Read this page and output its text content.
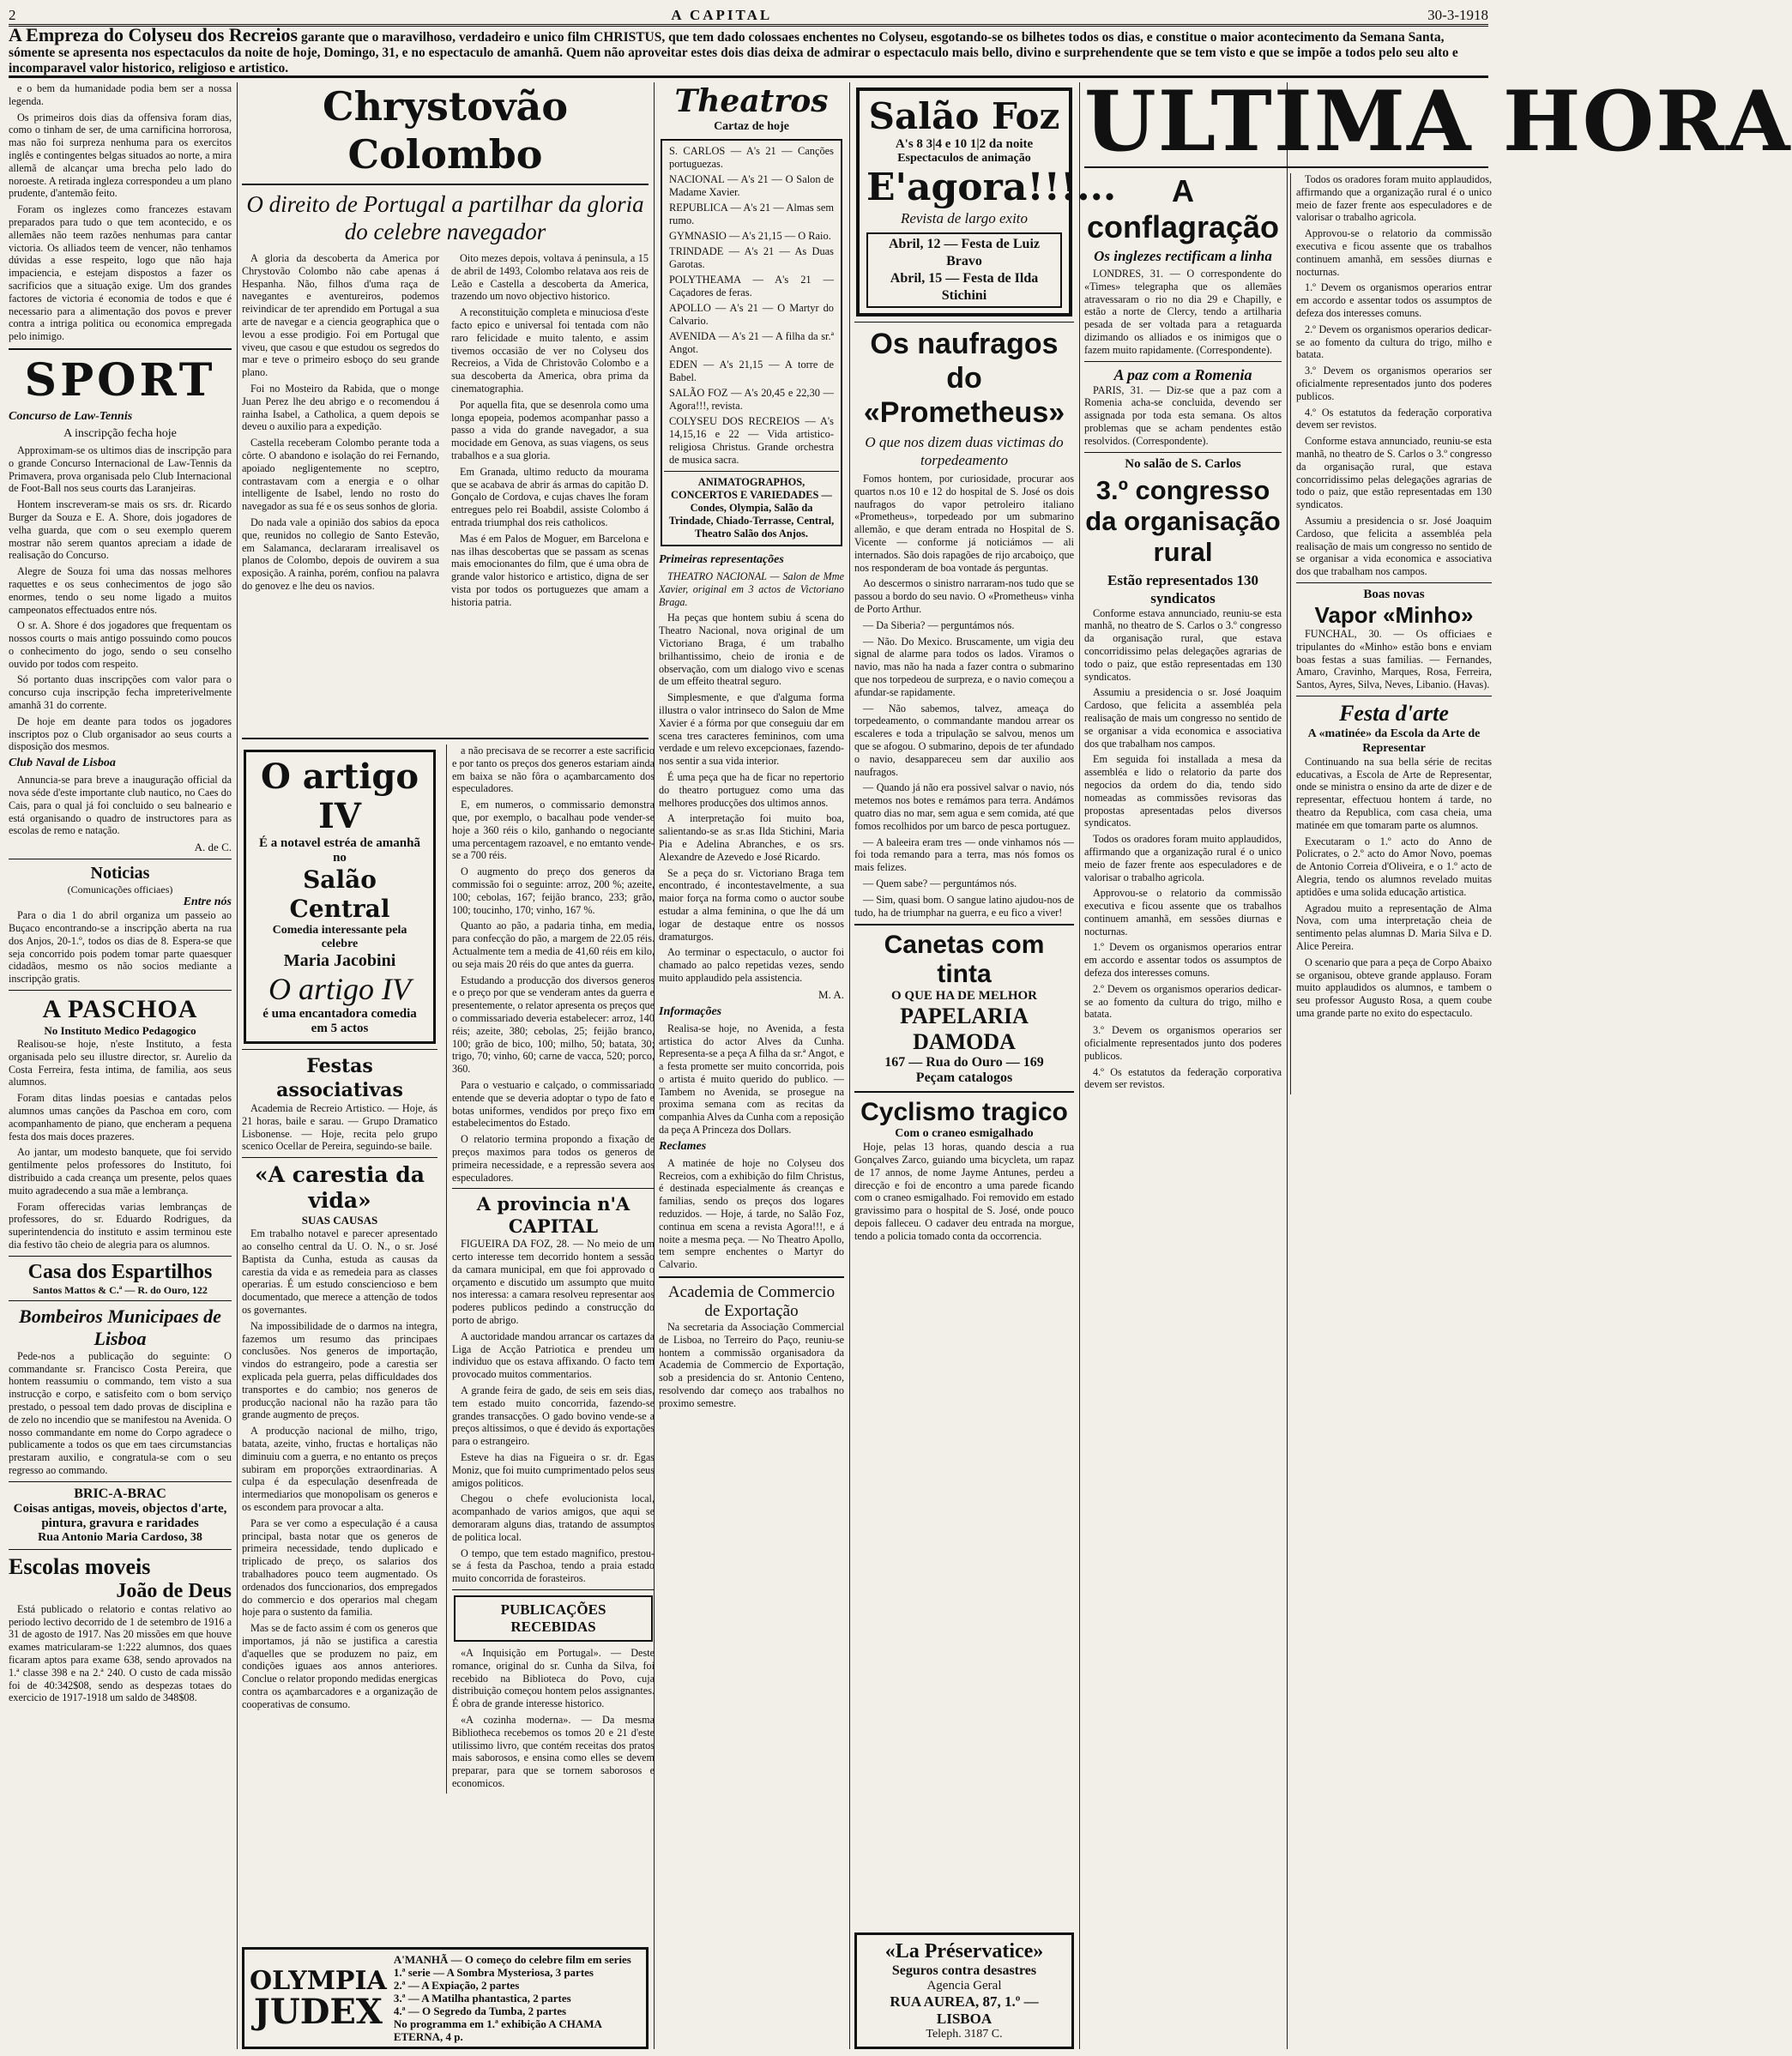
2	A CAPITAL	30-3-1918
A Empreza do Colyseu dos Recreios garante que o maravilhoso, verdadeiro e unico film CHRISTUS, que tem dado colossaes enchentes no Colyseu, esgotando-se os bilhetes todos os dias, e constitue o maior acontecimento da Semana Santa, sómente se apresenta nos espectaculos da noite de hoje, Domingo, 31, e no espectaculo de amanhã. Quem não aproveitar estes dois dias deixa de admirar o espectaculo mais bello, divino e surprehendente que se tem visto e que se impõe a todos pelo seu alto e incomparavel valor historico, religioso e artistico.

e o bem da humanidade podia bem ser a nossa legenda.

Os primeiros dois dias da offensiva foram dias, como o tinham de ser, de uma carnificina horrorosa, mas não foi surpreza nenhuma para os exercitos inglês e contingentes belgas situados ao norte, a mira allemã de alcançar uma brecha pelo lado do noroeste. A retirada ingleza correspondeu a um plano prudente, d'antemão feito.

Foram os inglezes como francezes estavam preparados para tudo o que tem acontecido, e os allemães não teem razões nenhumas para cantar victoria. Os alliados teem de vencer, não tenhamos dúvidas a esse respeito, logo que não haja impaciencia, e estejam dispostos a fazer os sacrificios que a situação exige. Um dos grandes factores de victoria é economia de todos e que é necessario para a alimentação dos povos e prever contra a intriga politica ou economica empregada pelo inimigo.

SPORT
Concurso de Law-Tennis
A inscripção fecha hoje

Approximam-se os ultimos dias de inscripção para o grande Concurso Internacional de Law-Tennis da Primavera, prova organisada pelo Club Internacional de Foot-Ball nos seus courts das Laranjeiras.

Hontem inscreveram-se mais os srs. dr. Ricardo Burger da Souza e E. A. Shore, dois jogadores de velha guarda, que com o seu exemplo querem mostrar não serem quantos apreciam a idade de realisação do Concurso.

Alegre de Souza foi uma das nossas melhores raquettes e os seus conhecimentos de jogo são enormes, tendo o seu nome ligado a muitos campeonatos effectuados entre nós.

O sr. A. Shore é dos jogadores que frequentam os nossos courts o mais antigo possuindo como poucos o conhecimento do jogo, sendo o seu conselho ouvido por todos com respeito.

Só portanto duas inscripções com valor para o concurso cuja inscripção fecha impreterivelmente amanhã 31 do corrente.

De hoje em deante para todos os jogadores inscriptos poz o Club organisador ao seus courts a disposição dos mesmos.

Club Naval de Lisboa

Annuncia-se para breve a inauguração official da nova séde d'este importante club nautico, no Caes do Cais, para o qual já foi concluido o seu balneario e está organisando o quadro de instructores para as escolas de remo e natação.

A. de C.
Noticias
(Comunicações officiaes)
Entre nós

Para o dia 1 do abril organiza um passeio ao Buçaco encontrando-se a inscripção aberta na rua dos Anjos, 20-1.º, todos os dias de 8. Espera-se que seja concorrido pois podem tomar parte quaesquer cidadãos, mesmo os não socios mediante a inscripção gratis.

A PASCHOA
No Instituto Medico Pedagogico

Realisou-se hoje, n'este Instituto, a festa organisada pelo seu illustre director, sr. Aurelio da Costa Ferreira, festa intima, de familia, aos seus alumnos.

Foram ditas lindas poesias e cantadas pelos alumnos umas canções da Paschoa em coro, com acompanhamento de piano, que encheram a pequena festa dos mais doces prazeres.

Ao jantar, um modesto banquete, que foi servido gentilmente pelos professores do Instituto, foi distribuido a cada creança um presente, pelos quaes muito agradecendo a sua mãe a lembrança.

Foram offerecidas varias lembranças de professores, do sr. Eduardo Rodrigues, da superintendencia do instituto e assim terminou este dia festivo tão cheio de alegria para os alumnos.

Casa dos Espartilhos
Santos Mattos & C.ª — R. do Ouro, 122
Bombeiros Municipaes de Lisboa

Pede-nos a publicação do seguinte: O commandante sr. Francisco Costa Pereira, que hontem reassumiu o commando, tem visto a sua instrucção e corpo, e satisfeito com o bom serviço prestado, o pessoal tem dado provas de disciplina e de zelo no incendio que se manifestou na Avenida. O nosso commandante em nome do Corpo agradece o publicamente a todos os que em taes circumstancias prestaram auxilio, e congratula-se com o seu regresso ao commando.

BRIC-A-BRAC
Coisas antigas, moveis, objectos d'arte, pintura, gravura e raridades
Rua Antonio Maria Cardoso, 38
Escolas moveis
João de Deus

Está publicado o relatorio e contas relativo ao periodo lectivo decorrido de 1 de setembro de 1916 a 31 de agosto de 1917. Nas 20 missões em que houve exames matricularam-se 1:222 alumnos, dos quaes ficaram aptos para exame 638, sendo aprovados na 1.ª classe 398 e na 2.ª 240. O custo de cada missão foi de 40:342$08, sendo as despezas totaes do exercicio de 1917-1918 um saldo de 348$08.

Chrystovão Colombo
O direito de Portugal a partilhar da gloria do celebre navegador

A gloria da descoberta da America por Chrystovão Colombo não cabe apenas á Hespanha. Não, filhos d'uma raça de navegantes e aventureiros, podemos reivindicar de ter aprendido em Portugal a sua arte de navegar e a ciencia geographica que o levou a esse prodigio. Foi em Portugal que viveu, que casou e que estudou os segredos do mar e teve o primeiro esboço do seu grande plano.

Foi no Mosteiro da Rabida, que o monge Juan Perez lhe deu abrigo e o recomendou á rainha Isabel, a Catholica, a quem depois se deveu o auxilio para a expedição.

Castella receberam Colombo perante toda a côrte. O abandono e isolação do rei Fernando, apoiado negligentemente no sceptro, contrastavam com a energia e o olhar intelligente de Isabel, lendo no rosto do navegador as sua fé e os seus sonhos de gloria.

Do nada vale a opinião dos sabios da epoca que, reunidos no collegio de Santo Estevão, em Salamanca, declararam irrealisavel os planos de Colombo, depois de ouvirem a sua exposição. A rainha, porém, confiou na palavra do genovez e lhe deu os navios.

Oito mezes depois, voltava á peninsula, a 15 de abril de 1493, Colombo relatava aos reis de Leão e Castella a descoberta da America, trazendo um novo objectivo historico.

A reconstituição completa e minuciosa d'este facto epico e universal foi tentada com não raro felicidade e muito talento, e assim tivemos occasião de ver no Colyseu dos Recreios, a Vida de Christovão Colombo e a sua descoberta da America, obra prima da cinematographia.

Por aquella fita, que se desenrola como uma longa epopeia, podemos acompanhar passo a passo a vida do grande navegador, a sua mocidade em Genova, as suas viagens, os seus trabalhos e a sua gloria.

Em Granada, ultimo reducto da mourama que se acabava de abrir ás armas do capitão D. Gonçalo de Cordova, e cujas chaves lhe foram entregues pelo rei Boabdil, assiste Colombo á entrada triumphal dos reis catholicos.

Mas é em Palos de Moguer, em Barcelona e nas ilhas descobertas que se passam as scenas mais emocionantes do film, que é uma obra de grande valor historico e artistico, digna de ser vista por todos os portuguezes que amam a historia patria.

O artigo IV
É a notavel estréa de amanhã no
Salão Central
Comedia interessante pela celebre
Maria Jacobini
O artigo IV
é uma encantadora comedia em 5 actos
Festas associativas

Academia de Recreio Artistico. — Hoje, ás 21 horas, baile e sarau. — Grupo Dramatico Lisbonense. — Hoje, recita pelo grupo scenico Ocellar de Pereira, seguindo-se baile.

«A carestia da vida»
SUAS CAUSAS

Em trabalho notavel e parecer apresentado ao conselho central da U. O. N., o sr. José Baptista da Cunha, estuda as causas da carestia da vida e as remedeia para as classes operarias. É um estudo consciencioso e bem documentado, que merece a attenção de todos os governantes.

Na impossibilidade de o darmos na integra, fazemos um resumo das principaes conclusões. Nos generos de importação, vindos do estrangeiro, pode a carestia ser explicada pela guerra, pelas difficuldades dos transportes e do cambio; nos generos de producção nacional não ha razão para tão grande augmento de preços.

A producção nacional de milho, trigo, batata, azeite, vinho, fructas e hortaliças não diminuiu com a guerra, e no entanto os preços subiram em proporções extraordinarias. A culpa é da especulação desenfreada de intermediarios que monopolisam os generos e os escondem para provocar a alta.

Para se ver como a especulação é a causa principal, basta notar que os generos de primeira necessidade, tendo duplicado e triplicado de preço, os salarios dos trabalhadores pouco teem augmentado. Os ordenados dos funccionarios, dos empregados do commercio e dos operarios mal chegam hoje para o sustento da familia.

Mas se de facto assim é com os generos que importamos, já não se justifica a carestia d'aquelles que se produzem no paiz, em condições iguaes aos annos anteriores. Conclue o relator propondo medidas energicas contra os açambarcadores e a organização de cooperativas de consumo.

a não precisava de se recorrer a este sacrificio e por tanto os preços dos generos estariam ainda em baixa se não fôra o açambarcamento dos especuladores.

E, em numeros, o commissario demonstra que, por exemplo, o bacalhau pode vender-se hoje a 360 réis o kilo, ganhando o negociante uma percentagem razoavel, e no emtanto vende-se a 700 réis.

O augmento do preço dos generos da commissão foi o seguinte: arroz, 200 %; azeite, 100; cebolas, 167; feijão branco, 233; grão, 100; toucinho, 170; vinho, 167 %.

Quanto ao pão, a padaria tinha, em media, para confecção do pão, a margem de 22.05 réis. Actualmente tem a media de 41,60 réis em kilo, ou seja mais 20 réis do que antes da guerra.

Estudando a producção dos diversos generos e o preço por que se venderam antes da guerra e presentemente, o relator apresenta os preços que o commissariado deveria estabelecer: arroz, 140 réis; azeite, 380; cebolas, 25; feijão branco, 100; grão de bico, 100; milho, 50; batata, 30; trigo, 70; vinho, 60; carne de vacca, 520; porco, 360.

Para o vestuario e calçado, o commissariado entende que se deveria adoptar o typo de fato e botas uniformes, vendidos por preço fixo em estabelecimentos do Estado.

O relatorio termina propondo a fixação de preços maximos para todos os generos de primeira necessidade, e a repressão severa aos especuladores.

A provincia n'A CAPITAL

FIGUEIRA DA FOZ, 28. — No meio de um certo interesse tem decorrido hontem a sessão da camara municipal, em que foi approvado o orçamento e discutido um assumpto que muito nos interessa: a camara resolveu representar aos poderes publicos pedindo a construcção do porto de abrigo.

A auctoridade mandou arrancar os cartazes da Liga de Acção Patriotica e prendeu um individuo que os estava affixando. O facto tem provocado muitos commentarios.

A grande feira de gado, de seis em seis dias, tem estado muito concorrida, fazendo-se grandes transacções. O gado bovino vende-se a preços altissimos, o que é devido ás exportações para o estrangeiro.

Esteve ha dias na Figueira o sr. dr. Egas Moniz, que foi muito cumprimentado pelos seus amigos politicos.

Chegou o chefe evolucionista local, acompanhado de varios amigos, que aqui se demoraram alguns dias, tratando de assumptos de politica local.

O tempo, que tem estado magnifico, prestou-se á festa da Paschoa, tendo a praia estado muito concorrida de forasteiros.

PUBLICAÇÕES RECEBIDAS

«A Inquisição em Portugal». — Deste romance, original do sr. Cunha da Silva, foi recebido na Biblioteca do Povo, cuja distribuição começou hontem pelos assignantes. É obra de grande interesse historico.

«A cozinha moderna». — Da mesma Bibliotheca recebemos os tomos 20 e 21 d'este utilissimo livro, que contém receitas dos pratos mais saborosos, e ensina como elles se devem preparar, para que se tornem saborosos e economicos.

OLYMPIA
JUDEX
A'MANHÃ — O começo do celebre film em series
1.ª serie — A Sombra Mysteriosa, 3 partes
2.ª — A Expiação, 2 partes
3.ª — A Matilha phantastica, 2 partes
4.ª — O Segredo da Tumba, 2 partes
No programma em 1.ª exhibição A CHAMA ETERNA, 4 p.
Theatros
Cartaz de hoje
S. CARLOS — A's 21 — Canções portuguezas.
NACIONAL — A's 21 — O Salon de Madame Xavier.
REPUBLICA — A's 21 — Almas sem rumo.
GYMNASIO — A's 21,15 — O Raio.
TRINDADE — A's 21 — As Duas Garotas.
POLYTHEAMA — A's 21 — Caçadores de feras.
APOLLO — A's 21 — O Martyr do Calvario.
AVENIDA — A's 21 — A filha da sr.ª Angot.
EDEN — A's 21,15 — A torre de Babel.
SALÃO FOZ — A's 20,45 e 22,30 — Agora!!!, revista.
COLYSEU DOS RECREIOS — A's 14,15,16 e 22 — Vida artistico-religiosa Christus. Grande orchestra de musica sacra.
ANIMATOGRAPHOS, CONCERTOS E VARIEDADES — Condes, Olympia, Salão da Trindade, Chiado-Terrasse, Central, Theatro Salão dos Anjos.
Primeiras representações

THEATRO NACIONAL — Salon de Mme Xavier, original em 3 actos de Victoriano Braga.

Ha peças que hontem subiu á scena do Theatro Nacional, nova original de um Victoriano Braga, é um trabalho brilhantissimo, cheio de ironia e de observação, com um dialogo vivo e scenas de um effeito theatral seguro.

Simplesmente, e que d'alguma forma illustra o valor intrinseco do Salon de Mme Xavier é a fórma por que conseguiu dar em scena tres caracteres femininos, com uma verdade e um relevo excepcionaes, fazendo-nos sentir a sua vida interior.

É uma peça que ha de ficar no repertorio do theatro portuguez como uma das melhores producções dos ultimos annos.

A interpretação foi muito boa, salientando-se as sr.as Ilda Stichini, Maria Pia e Adelina Abranches, e os srs. Alexandre de Azevedo e José Ricardo.

Se a peça do sr. Victoriano Braga tem encontrado, é incontestavelmente, a sua maior força na forma como o auctor soube estudar a alma feminina, o que lhe dá um logar de destaque entre os nossos dramaturgos.

Ao terminar o espectaculo, o auctor foi chamado ao palco repetidas vezes, sendo muito applaudido pela assistencia.

M. A.
Informações

Realisa-se hoje, no Avenida, a festa artistica do actor Alves da Cunha. Representa-se a peça A filha da sr.ª Angot, e a festa promette ser muito concorrida, pois o artista é muito querido do publico. — Tambem no Avenida, se prosegue na proxima semana com as recitas da companhia Alves da Cunha com a reposição da peça A Princeza dos Dollars.

Reclames

A matinée de hoje no Colyseu dos Recreios, com a exhibição do film Christus, é destinada especialmente ás creanças e familias, sendo os preços dos logares reduzidos. — Hoje, á tarde, no Salão Foz, continua em scena a revista Agora!!!, e á noite a mesma peça. — No Theatro Apollo, tem sempre enchentes o Martyr do Calvario.

Academia de Commercio de Exportação

Na secretaria da Associação Commercial de Lisboa, no Terreiro do Paço, reuniu-se hontem a commissão organisadora da Academia de Commercio de Exportação, sob a presidencia do sr. Antonio Centeno, resolvendo dar começo aos trabalhos no proximo semestre.

Salão Foz
A's 8 3|4 e 10 1|2 da noite
Espectaculos de animação
E'agora!!!...
Revista de largo exito
Abril, 12 — Festa de Luiz Bravo
Abril, 15 — Festa de Ilda Stichini
Os naufragos do «Prometheus»
O que nos dizem duas victimas do torpedeamento

Fomos hontem, por curiosidade, procurar aos quartos n.os 10 e 12 do hospital de S. José os dois naufragos do vapor petroleiro italiano «Prometheus», torpedeado por um submarino allemão, e que deram entrada no Hospital de S. Vicente — conforme já noticiámos — ali internados. São dois rapagões de rijo arcaboiço, que nos responderam de boa vontade ás perguntas.

Ao descermos o sinistro narraram-nos tudo que se passou a bordo do seu navio. O «Prometheus» vinha de Porto Arthur.

— Da Siberia? — perguntámos nós.

— Não. Do Mexico. Bruscamente, um vigia deu signal de alarme para todos os lados. Viramos o navio, mas não ha nada a fazer contra o submarino que nos torpedeou de surpreza, e o navio começou a afundar-se rapidamente.

— Não sabemos, talvez, ameaça do torpedeamento, o commandante mandou arrear os escaleres e toda a tripulação se salvou, menos um que se afogou. O submarino, depois de ter afundado o navio, desappareceu sem dar auxilio aos naufragos.

— Quando já não era possivel salvar o navio, nós metemos nos botes e remámos para terra. Andámos quatro dias no mar, sem agua e sem comida, até que fomos recolhidos por um barco de pesca portuguez.

— A baleeira eram tres — onde vinhamos nós — foi toda remando para a terra, mas nós fomos os mais felizes.

— Quem sabe? — perguntámos nós.

— Sim, quasi bom. O sangue latino ajudou-nos de tudo, ha de triumphar na guerra, e eu fico a viver!

Canetas com tinta
O QUE HA DE MELHOR
PAPELARIA DAMODA
167 — Rua do Ouro — 169
Peçam catalogos
Cyclismo tragico
Com o craneo esmigalhado

Hoje, pelas 13 horas, quando descia a rua Gonçalves Zarco, guiando uma bicycleta, um rapaz de 17 annos, de nome Jayme Antunes, perdeu a direcção e foi de encontro a uma parede ficando com o craneo esmigalhado. Foi removido em estado gravissimo para o hospital de S. José, onde pouco depois falleceu. O cadaver deu entrada na morgue, tendo a policia tomado conta da occorrencia.

«La Préservatice»
Seguros contra desastres
Agencia Geral
RUA AUREA, 87, 1.º — LISBOA
Teleph. 3187 C.
ULTIMA HORA
A conflagração
Os inglezes rectificam a linha

LONDRES, 31. — O correspondente do «Times» telegrapha que os allemães atravessaram o rio no dia 29 e Chapilly, e estão a norte de Clercy, tendo a artilharia pesada de ser voltada para a retaguarda dizimando os alliados e os inimigos que o fazem muito rapidamente. (Correspondente).

A paz com a Romenia

PARIS, 31. — Diz-se que a paz com a Romenia acha-se concluida, devendo ser assignada por toda esta semana. Os altos problemas que se acham pendentes estão resolvidos. (Correspondente).

No salão de S. Carlos
3.º congresso da organisação rural
Estão representados 130 syndicatos

Conforme estava annunciado, reuniu-se esta manhã, no theatro de S. Carlos o 3.º congresso da organisação rural, que estava concorridissimo pelas delegações agrarias de todo o paiz, que estão representadas em 130 syndicatos.

Assumiu a presidencia o sr. José Joaquim Cardoso, que felicita a assembléa pela realisação de mais um congresso no sentido de se organisar a vida economica e associativa dos que trabalham nos campos.

Em seguida foi installada a mesa da assembléa e lido o relatorio da parte dos negocios da ordem do dia, tendo sido nomeadas as commissões revisoras das propostas apresentadas pelos diversos syndicatos.

Todos os oradores foram muito applaudidos, affirmando que a organização rural é o unico meio de fazer frente aos especuladores e de valorisar o trabalho agricola.

Approvou-se o relatorio da commissão executiva e ficou assente que os trabalhos continuem amanhã, em sessões diurnas e nocturnas.

1.º Devem os organismos operarios entrar em accordo e assentar todos os assumptos de defeza dos interesses comuns.

2.º Devem os organismos operarios dedicar-se ao fomento da cultura do trigo, milho e batata.

3.º Devem os organismos operarios ser oficialmente representados junto dos poderes publicos.

4.º Os estatutos da federação corporativa devem ser revistos.

Todos os oradores foram muito applaudidos, affirmando que a organização rural é o unico meio de fazer frente aos especuladores e de valorisar o trabalho agricola.

Approvou-se o relatorio da commissão executiva e ficou assente que os trabalhos continuem amanhã, em sessões diurnas e nocturnas.

1.º Devem os organismos operarios entrar em accordo e assentar todos os assumptos de defeza dos interesses comuns.

2.º Devem os organismos operarios dedicar-se ao fomento da cultura do trigo, milho e batata.

3.º Devem os organismos operarios ser oficialmente representados junto dos poderes publicos.

4.º Os estatutos da federação corporativa devem ser revistos.

Conforme estava annunciado, reuniu-se esta manhã, no theatro de S. Carlos o 3.º congresso da organisação rural, que estava concorridissimo pelas delegações agrarias de todo o paiz, que estão representadas em 130 syndicatos.

Assumiu a presidencia o sr. José Joaquim Cardoso, que felicita a assembléa pela realisação de mais um congresso no sentido de se organisar a vida economica e associativa dos que trabalham nos campos.

Boas novas
Vapor «Minho»

FUNCHAL, 30. — Os officiaes e tripulantes do «Minho» estão bons e enviam boas festas a suas familias. — Fernandes, Amaro, Cravinho, Marques, Rosa, Ferreira, Santos, Ayres, Silva, Neves, Libanio. (Havas).

Festa d'arte
A «matinée» da Escola da Arte de Representar

Continuando na sua bella série de recitas educativas, a Escola de Arte de Representar, onde se ministra o ensino da arte de dizer e de representar, effectuou hontem á tarde, no theatro da Republica, com casa cheia, uma matinée em que tomaram parte os alumnos.

Executaram o 1.º acto do Anno de Policrates, o 2.º acto do Amor Novo, poemas de Antonio Correia d'Oliveira, e o 1.º acto de Alegria, tendo os alumnos revelado muitas aptidões e uma solida educação artistica.

Agradou muito a representação de Alma Nova, com uma interpretação cheia de sentimento pelas alumnas D. Maria Silva e D. Alice Pereira.

O scenario que para a peça de Corpo Abaixo se organisou, obteve grande applauso. Foram muito applaudidos os alumnos, e tambem o seu professor Augusto Rosa, a quem coube uma grande parte no exito do espectaculo.
